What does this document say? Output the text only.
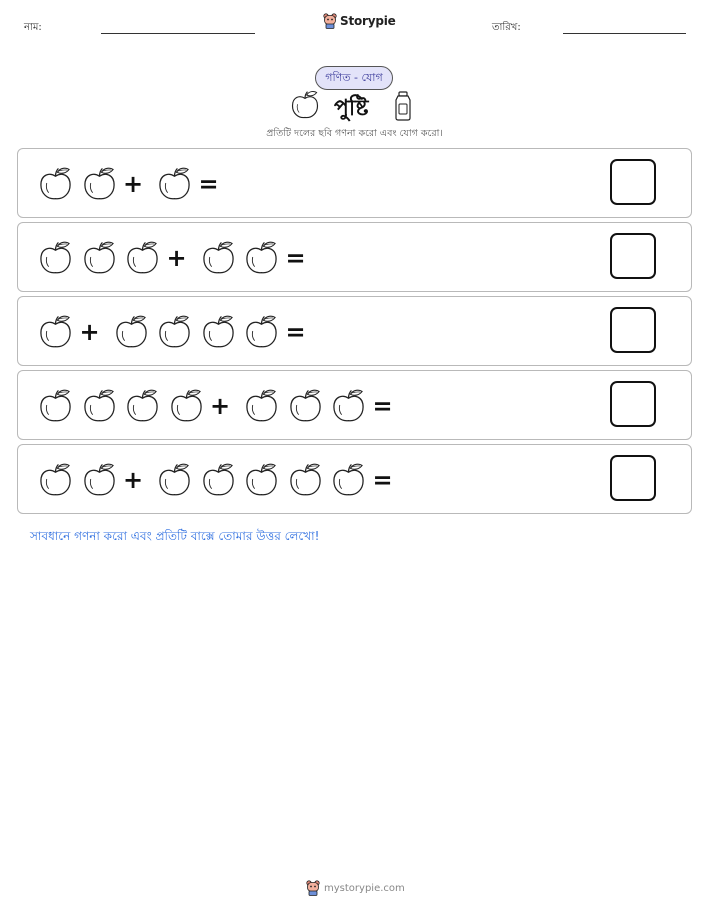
নাম:	Storypie	তারিখ:
গণিত - যোগ
পুষ্টি
প্রতিটি দলের ছবি গণনা করো এবং যোগ করো।
+ =
+	=
+	=
+	=
+	=
সাবধানে গণনা করো এবং প্রতিটি বাক্সে তোমার উত্তর লেখো!
mystorypie.com
